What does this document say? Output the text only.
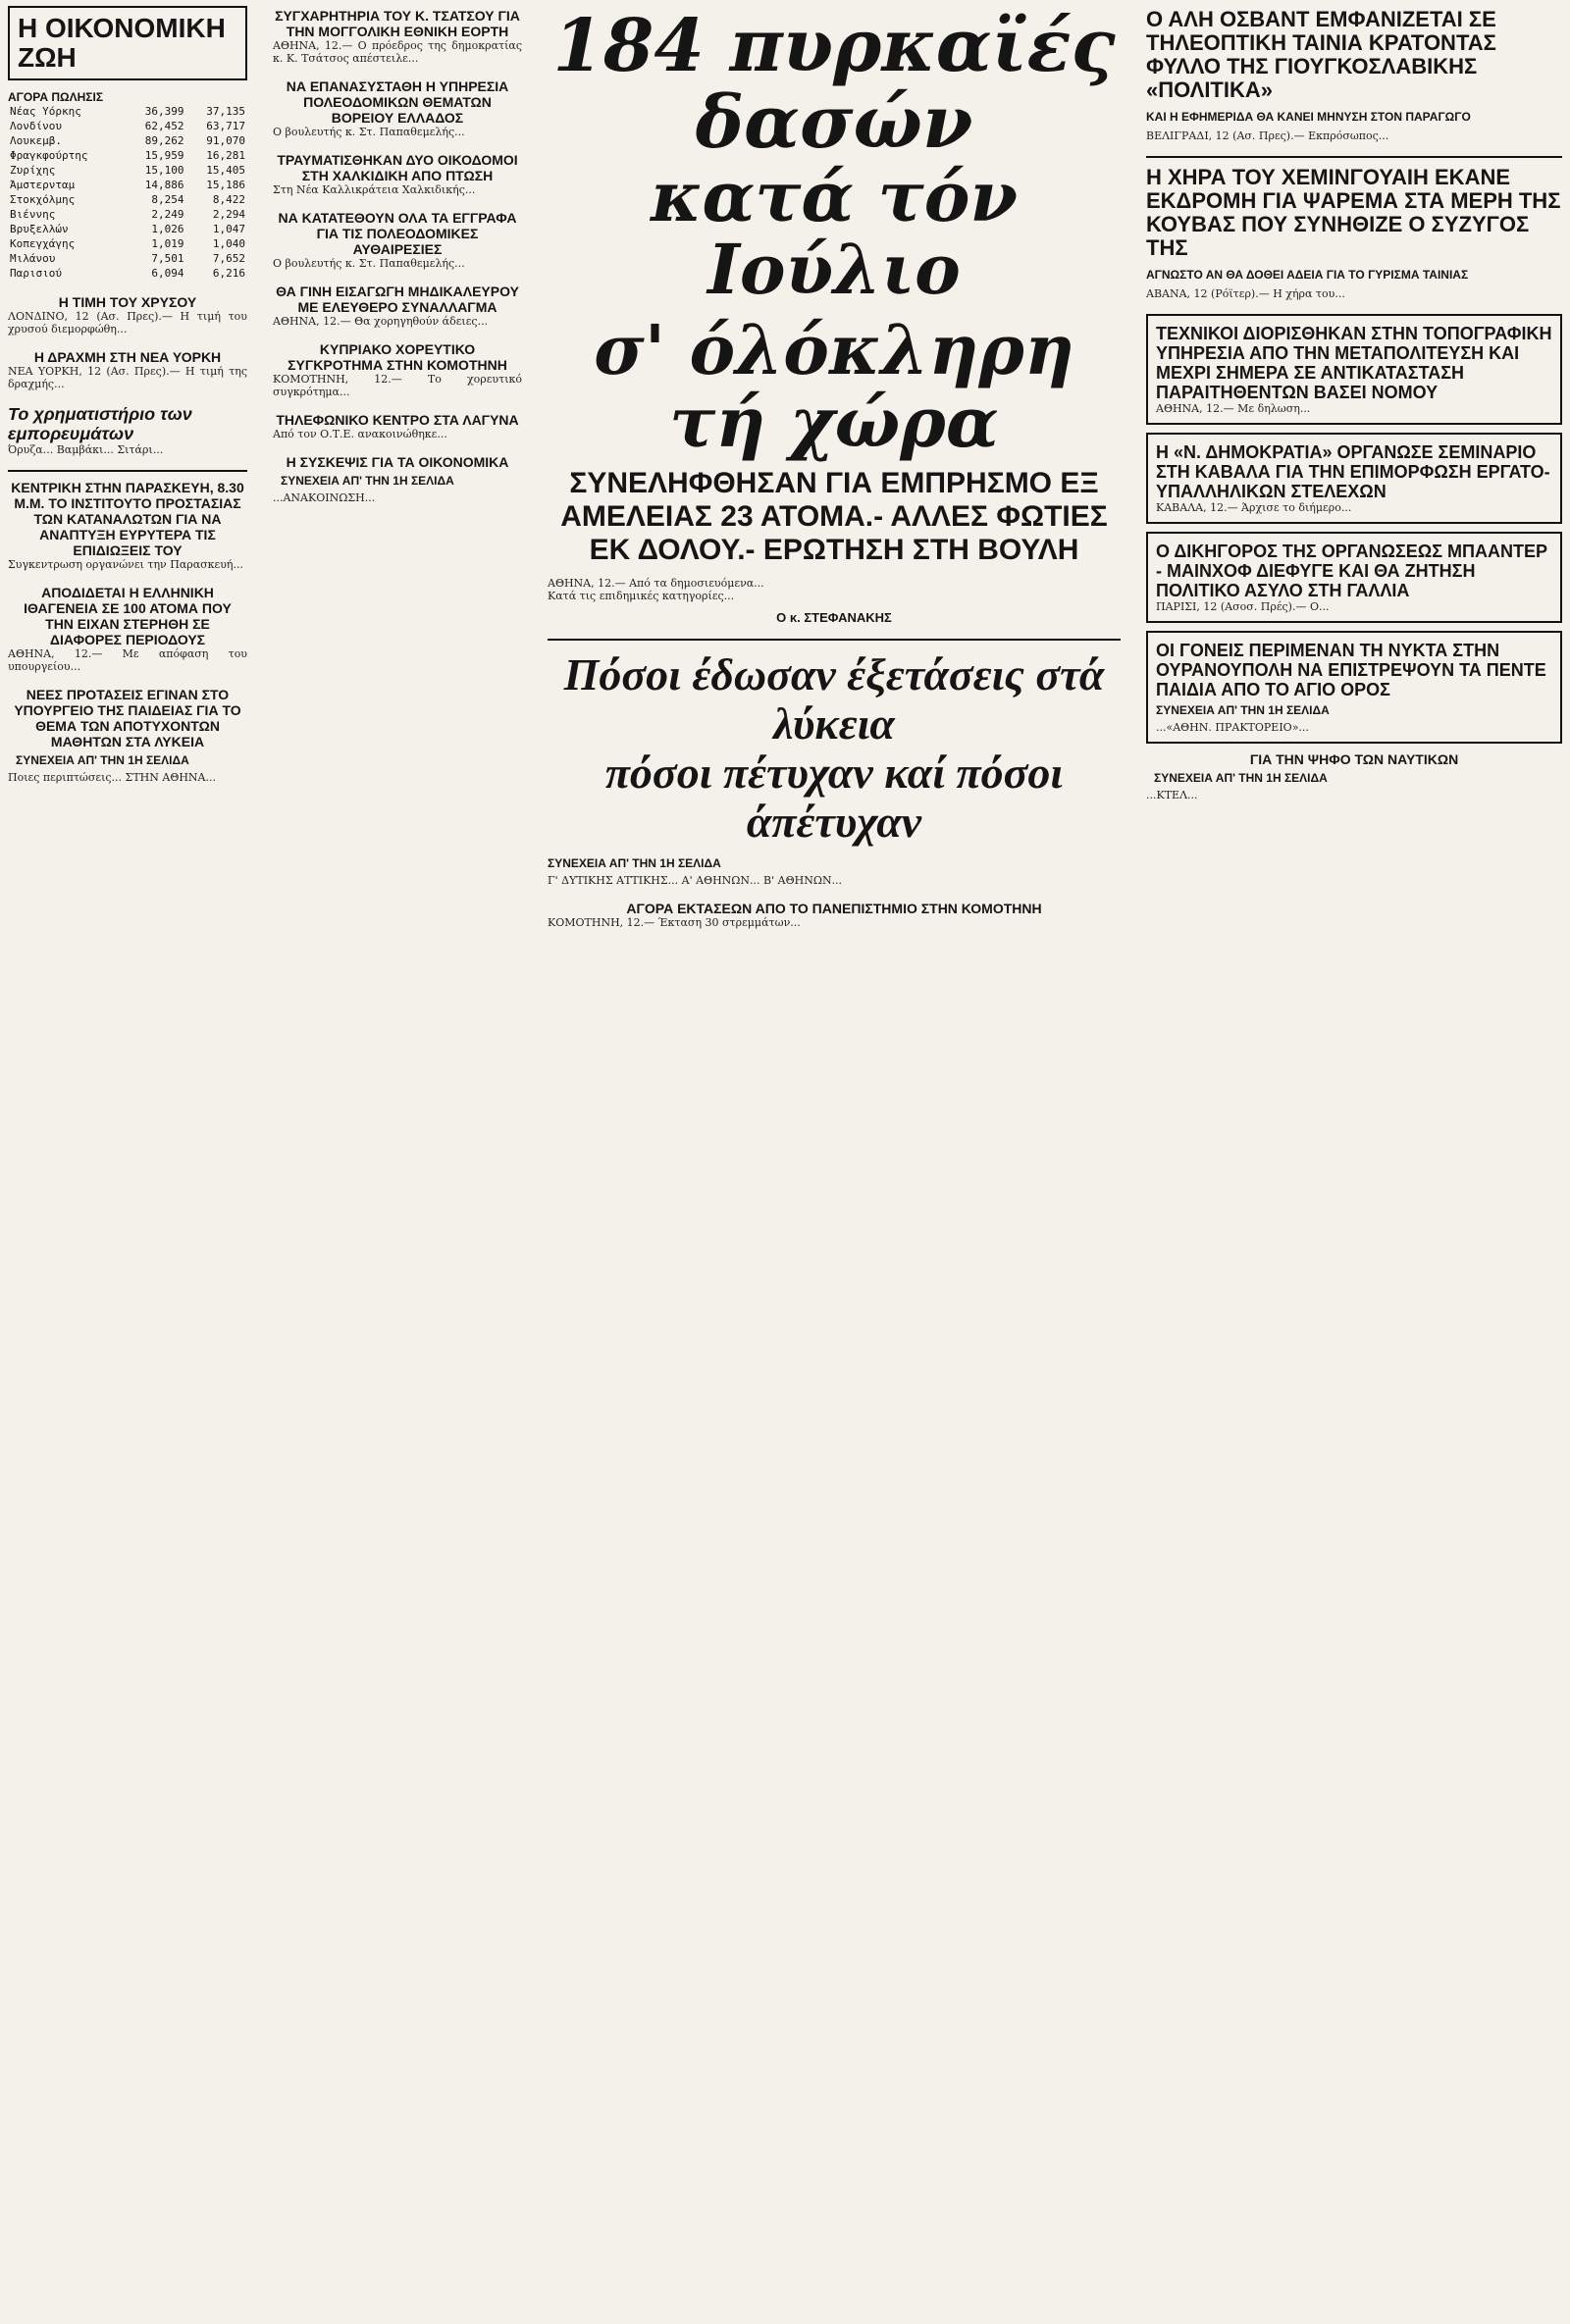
Η ΟΙΚΟΝΟΜΙΚΗ ΖΩΗ
ΑΓΟΡΑ ΠΩΛΗΣΙΣ
Νέας Υόρκης	36,399	37,135
Λονδίνου	62,452	63,717
Λουκεμβ.	89,262	91,070
Φραγκφούρτης	15,959	16,281
Ζυρίχης	15,100	15,405
Άμστερνταμ	14,886	15,186
Στοκχόλμης	8,254	8,422
Βιέννης	2,249	2,294
Βρυξελλών	1,026	1,047
Κοπεγχάγης	1,019	1,040
Μιλάνου	7,501	7,652
Παρισιού	6,094	6,216
Η ΤΙΜΗ ΤΟΥ ΧΡΥΣΟΥ
ΛΟΝΔΙΝΟ, 12 (Ασ. Πρες).— Η τιμή του χρυσού διεμορφώθη...
Η ΔΡΑΧΜΗ ΣΤΗ ΝΕΑ ΥΟΡΚΗ
ΝΕΑ ΥΟΡΚΗ, 12 (Ασ. Πρες).— Η τιμή της δραχμής...
Το χρηματιστήριο των εμπορευμάτων
Όρυζα... Βαμβάκι... Σιτάρι...
ΚΕΝΤΡΙΚΗ ΣΤΗΝ ΠΑΡΑΣΚΕΥΗ, 8.30 Μ.Μ. ΤΟ ΙΝΣΤΙΤΟΥΤΟ ΠΡΟΣΤΑΣΙΑΣ ΤΩΝ ΚΑΤΑΝΑΛΩΤΩΝ ΓΙΑ ΝΑ ΑΝΑΠΤΥΞΗ ΕΥΡΥΤΕΡΑ ΤΙΣ ΕΠΙΔΙΩΞΕΙΣ ΤΟΥ
Συγκεντρωση οργανώνει την Παρασκευή...
ΑΠΟΔΙΔΕΤΑΙ Η ΕΛΛΗΝΙΚΗ ΙΘΑΓΕΝΕΙΑ ΣΕ 100 ΑΤΟΜΑ ΠΟΥ ΤΗΝ ΕΙΧΑΝ ΣΤΕΡΗΘΗ ΣΕ ΔΙΑΦΟΡΕΣ ΠΕΡΙΟΔΟΥΣ
ΑΘΗΝΑ, 12.— Με απόφαση του υπουργείου...
ΝΕΕΣ ΠΡΟΤΑΣΕΙΣ ΕΓΙΝΑΝ ΣΤΟ ΥΠΟΥΡΓΕΙΟ ΤΗΣ ΠΑΙΔΕΙΑΣ ΓΙΑ ΤΟ ΘΕΜΑ ΤΩΝ ΑΠΟΤΥΧΟΝΤΩΝ ΜΑΘΗΤΩΝ ΣΤΑ ΛΥΚΕΙΑ
ΣΥΝΕΧΕΙΑ ΑΠ' ΤΗΝ 1Η ΣΕΛΙΔΑ
Ποιες περιπτώσεις... ΣΤΗΝ ΑΘΗΝΑ...
ΣΥΓΧΑΡΗΤΗΡΙΑ ΤΟΥ Κ. ΤΣΑΤΣΟΥ ΓΙΑ ΤΗΝ ΜΟΓΓΟΛΙΚΗ ΕΘΝΙΚΗ ΕΟΡΤΗ
ΑΘΗΝΑ, 12.— Ο πρόεδρος της δημοκρατίας κ. Κ. Τσάτσος απέστειλε...
ΝΑ ΕΠΑΝΑΣΥΣΤΑΘΗ Η ΥΠΗΡΕΣΙΑ ΠΟΛΕΟΔΟΜΙΚΩΝ ΘΕΜΑΤΩΝ ΒΟΡΕΙΟΥ ΕΛΛΑΔΟΣ
Ο βουλευτής κ. Στ. Παπαθεμελής...
ΤΡΑΥΜΑΤΙΣΘΗΚΑΝ ΔΥΟ ΟΙΚΟΔΟΜΟΙ ΣΤΗ ΧΑΛΚΙΔΙΚΗ ΑΠΟ ΠΤΩΣΗ
Στη Νέα Καλλικράτεια Χαλκιδικής...
ΝΑ ΚΑΤΑΤΕΘΟΥΝ ΟΛΑ ΤΑ ΕΓΓΡΑΦΑ ΓΙΑ ΤΙΣ ΠΟΛΕΟΔΟΜΙΚΕΣ ΑΥΘΑΙΡΕΣΙΕΣ
Ο βουλευτής κ. Στ. Παπαθεμελής...
ΘΑ ΓΙΝΗ ΕΙΣΑΓΩΓΗ ΜΗΔΙΚΑΛΕΥΡΟΥ ΜΕ ΕΛΕΥΘΕΡΟ ΣΥΝΑΛΛΑΓΜΑ
ΑΘΗΝΑ, 12.— Θα χορηγηθούν άδειες...
ΚΥΠΡΙΑΚΟ ΧΟΡΕΥΤΙΚΟ ΣΥΓΚΡΟΤΗΜΑ ΣΤΗΝ ΚΟΜΟΤΗΝΗ
ΚΟΜΟΤΗΝΗ, 12.— Το χορευτικό συγκρότημα...
ΤΗΛΕΦΩΝΙΚΟ ΚΕΝΤΡΟ ΣΤΑ ΛΑΓΥΝΑ
Από τον Ο.Τ.Ε. ανακοινώθηκε...
Η ΣΥΣΚΕΨΙΣ ΓΙΑ ΤΑ ΟΙΚΟΝΟΜΙΚΑ
ΣΥΝΕΧΕΙΑ ΑΠ' ΤΗΝ 1Η ΣΕΛΙΔΑ
...ΑΝΑΚΟΙΝΩΣΗ...
184 πυρκαϊές δασών
κατά τόν Ιούλιο
σ' όλόκληρη τή χώρα
ΣΥΝΕΛΗΦΘΗΣΑΝ ΓΙΑ ΕΜΠΡΗΣΜΟ ΕΞ ΑΜΕΛΕΙΑΣ 23 ΑΤΟΜΑ.- ΑΛΛΕΣ ΦΩΤΙΕΣ ΕΚ ΔΟΛΟΥ.- ΕΡΩΤΗΣΗ ΣΤΗ ΒΟΥΛΗ
ΑΘΗΝΑ, 12.— Από τα δημοσιευόμενα...
Κατά τις επιδημικές κατηγορίες...
Ο κ. ΣΤΕΦΑΝΑΚΗΣ
Πόσοι έδωσαν έξετάσεις στά λύκεια
πόσοι πέτυχαν καί πόσοι άπέτυχαν
ΣΥΝΕΧΕΙΑ ΑΠ' ΤΗΝ 1Η ΣΕΛΙΔΑ
Γ' ΔΥΤΙΚΗΣ ΑΤΤΙΚΗΣ... Α' ΑΘΗΝΩΝ... Β' ΑΘΗΝΩΝ...
ΑΓΟΡΑ ΕΚΤΑΣΕΩΝ ΑΠΟ ΤΟ ΠΑΝΕΠΙΣΤΗΜΙΟ ΣΤΗΝ ΚΟΜΟΤΗΝΗ
ΚΟΜΟΤΗΝΗ, 12.— Έκταση 30 στρεμμάτων...
Ο ΑΛΗ ΟΣΒΑΝΤ ΕΜΦΑΝΙΖΕΤΑΙ ΣΕ ΤΗΛΕΟΠΤΙΚΗ ΤΑΙΝΙΑ ΚΡΑΤΟΝΤΑΣ ΦΥΛΛΟ ΤΗΣ ΓΙΟΥΓΚΟΣΛΑΒΙΚΗΣ «ΠΟΛΙΤΙΚΑ»
ΚΑΙ Η ΕΦΗΜΕΡΙΔΑ ΘΑ ΚΑΝΕΙ ΜΗΝΥΣΗ ΣΤΟΝ ΠΑΡΑΓΩΓΟ
ΒΕΛΙΓΡΑΔΙ, 12 (Ασ. Πρες).— Εκπρόσωπος...
Η ΧΗΡΑ ΤΟΥ ΧΕΜΙΝΓΟΥΑΙΗ ΕΚΑΝΕ ΕΚΔΡΟΜΗ ΓΙΑ ΨΑΡΕΜΑ ΣΤΑ ΜΕΡΗ ΤΗΣ ΚΟΥΒΑΣ ΠΟΥ ΣΥΝΗΘΙΖΕ Ο ΣΥΖΥΓΟΣ ΤΗΣ
ΑΓΝΩΣΤΟ ΑΝ ΘΑ ΔΟΘΕΙ ΑΔΕΙΑ ΓΙΑ ΤΟ ΓΥΡΙΣΜΑ ΤΑΙΝΙΑΣ
ΑΒΑΝΑ, 12 (Ρόϊτερ).— Η χήρα του...
ΤΕΧΝΙΚΟΙ ΔΙΟΡΙΣΘΗΚΑΝ ΣΤΗΝ ΤΟΠΟΓΡΑΦΙΚΗ ΥΠΗΡΕΣΙΑ ΑΠΟ ΤΗΝ ΜΕΤΑΠΟΛΙΤΕΥΣΗ ΚΑΙ ΜΕΧΡΙ ΣΗΜΕΡΑ ΣΕ ΑΝΤΙΚΑΤΑΣΤΑΣΗ ΠΑΡΑΙΤΗΘΕΝΤΩΝ ΒΑΣΕΙ ΝΟΜΟΥ
ΑΘΗΝΑ, 12.— Με δηλωση...
Η «Ν. ΔΗΜΟΚΡΑΤΙΑ» ΟΡΓΑΝΩΣΕ ΣΕΜΙΝΑΡΙΟ ΣΤΗ ΚΑΒΑΛΑ ΓΙΑ ΤΗΝ ΕΠΙΜΟΡΦΩΣΗ ΕΡΓΑΤΟ-ΥΠΑΛΛΗΛΙΚΩΝ ΣΤΕΛΕΧΩΝ
ΚΑΒΑΛΑ, 12.— Άρχισε το διήμερο...
Ο ΔΙΚΗΓΟΡΟΣ ΤΗΣ ΟΡΓΑΝΩΣΕΩΣ ΜΠΑΑΝΤΕΡ - ΜΑΙΝΧΟΦ ΔΙΕΦΥΓΕ ΚΑΙ ΘΑ ΖΗΤΗΣΗ ΠΟΛΙΤΙΚΟ ΑΣΥΛΟ ΣΤΗ ΓΑΛΛΙΑ
ΠΑΡΙΣΙ, 12 (Ασοσ. Πρές).— Ο...
ΟΙ ΓΟΝΕΙΣ ΠΕΡΙΜΕΝΑΝ ΤΗ ΝΥΚΤΑ ΣΤΗΝ ΟΥΡΑΝΟΥΠΟΛΗ ΝΑ ΕΠΙΣΤΡΕΨΟΥΝ ΤΑ ΠΕΝΤΕ ΠΑΙΔΙΑ ΑΠΟ ΤΟ ΑΓΙΟ ΟΡΟΣ
ΣΥΝΕΧΕΙΑ ΑΠ' ΤΗΝ 1Η ΣΕΛΙΔΑ
...«ΑΘΗΝ. ΠΡΑΚΤΟΡΕΙΟ»...
ΓΙΑ ΤΗΝ ΨΗΦΟ ΤΩΝ ΝΑΥΤΙΚΩΝ
ΣΥΝΕΧΕΙΑ ΑΠ' ΤΗΝ 1Η ΣΕΛΙΔΑ
...ΚΤΕΛ...
